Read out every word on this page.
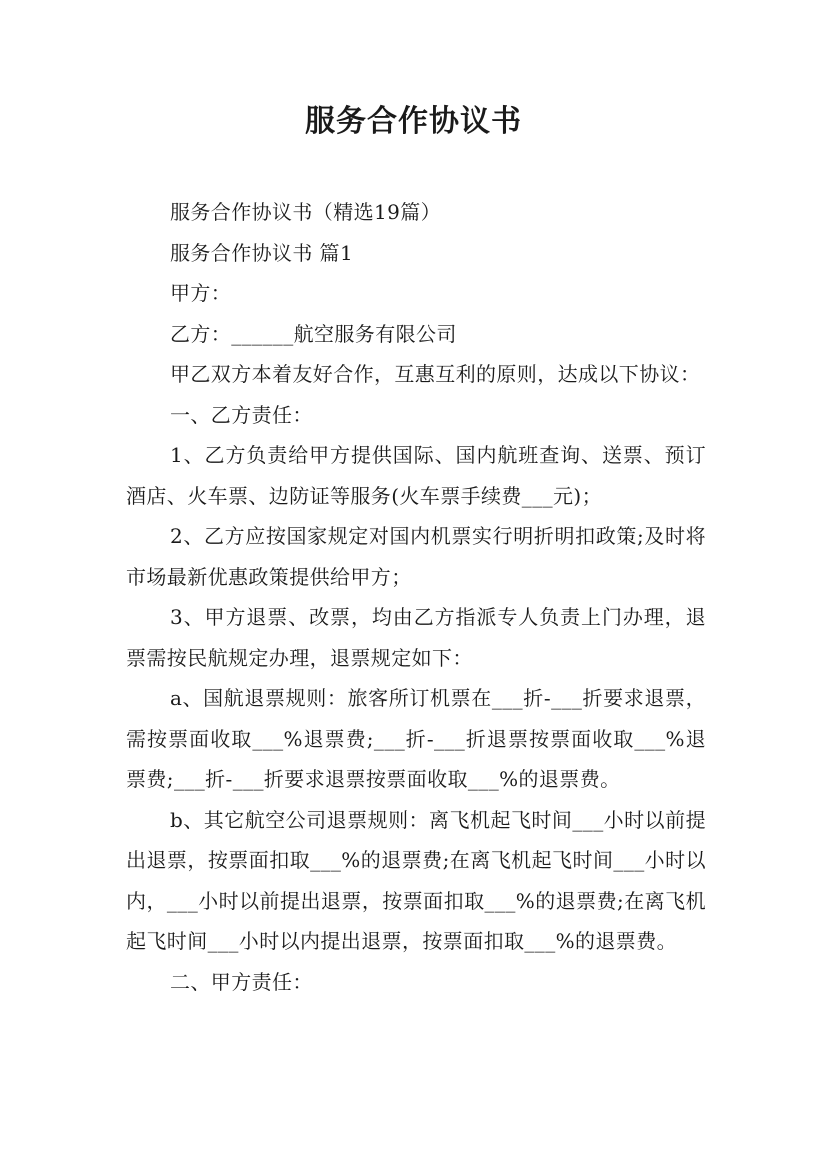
服务合作协议书

服务合作协议书（精选19篇）

服务合作协议书 篇1

甲方：

乙方：______航空服务有限公司

甲乙双方本着友好合作，互惠互利的原则，达成以下协议：

一、乙方责任：

1、乙方负责给甲方提供国际、国内航班查询、送票、预订酒店、火车票、边防证等服务(火车票手续费___元)；

2、乙方应按国家规定对国内机票实行明折明扣政策;及时将市场最新优惠政策提供给甲方；

3、甲方退票、改票，均由乙方指派专人负责上门办理，退票需按民航规定办理，退票规定如下：

a、国航退票规则：旅客所订机票在___折-___折要求退票，需按票面收取___%退票费;___折-___折退票按票面收取___%退票费;___折-___折要求退票按票面收取___%的退票费。

b、其它航空公司退票规则：离飞机起飞时间___小时以前提出退票，按票面扣取___%的退票费;在离飞机起飞时间___小时以内，___小时以前提出退票，按票面扣取___%的退票费;在离飞机起飞时间___小时以内提出退票，按票面扣取___%的退票费。

二、甲方责任：
